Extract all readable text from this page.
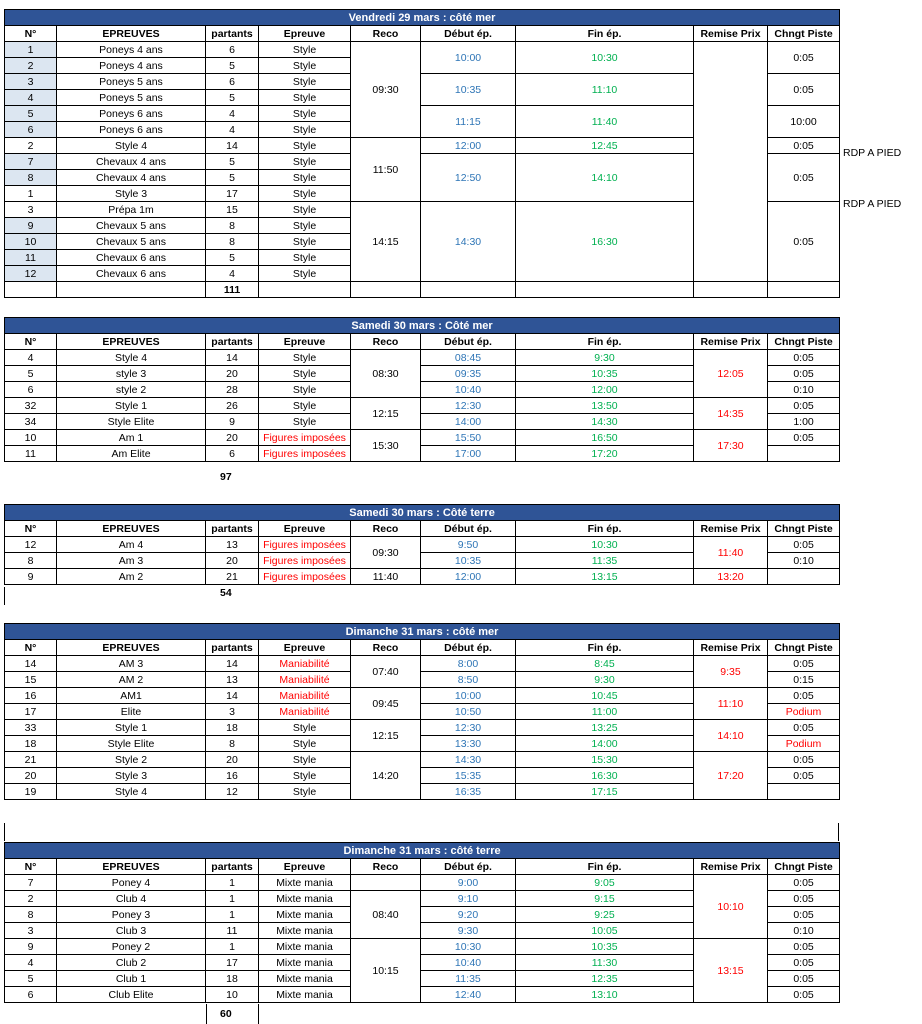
Vendredi 29 mars : côté mer								
N°	EPREUVES	partants	Epreuve	Reco	Début ép.	Fin ép.	Remise Prix	Chngt Piste
1	Poneys 4 ans	6	Style	09:30	10:00	10:30		0:05
2	Poneys 4 ans	5	Style					
3	Poneys 5 ans	6	Style		10:35	11:10		0:05
4	Poneys 5 ans	5	Style					
5	Poneys 6 ans	4	Style		11:15	11:40		10:00
6	Poneys 6 ans	4	Style					
2	Style 4	14	Style	11:50	12:00	12:45		0:05
7	Chevaux 4 ans	5	Style		12:50	14:10		0:05
8	Chevaux 4 ans	5	Style					
1	Style 3	17	Style					
3	Prépa 1m	15	Style	14:15	14:30	16:30		0:05
9	Chevaux 5 ans	8	Style					
10	Chevaux 5 ans	8	Style					
11	Chevaux 6 ans	5	Style					
12	Chevaux 6 ans	4	Style					
		111						
RDP A PIED
RDP A PIED
Samedi 30 mars : Côté mer								
N°	EPREUVES	partants	Epreuve	Reco	Début ép.	Fin ép.	Remise Prix	Chngt Piste
4	Style 4	14	Style	08:30	08:45	9:30	12:05	0:05
5	style 3	20	Style		09:35	10:35		0:05
6	style 2	28	Style		10:40	12:00		0:10
32	Style 1	26	Style	12:15	12:30	13:50	14:35	0:05
34	Style Elite	9	Style		14:00	14:30		1:00
10	Am 1	20	Figures imposées	15:30	15:50	16:50	17:30	0:05
11	Am Elite	6	Figures imposées		17:00	17:20		
97
Samedi 30 mars : Côté terre								
N°	EPREUVES	partants	Epreuve	Reco	Début ép.	Fin ép.	Remise Prix	Chngt Piste
12	Am 4	13	Figures imposées	09:30	9:50	10:30	11:40	0:05
8	Am 3	20	Figures imposées		10:35	11:35		0:10
9	Am 2	21	Figures imposées	11:40	12:00	13:15	13:20	
54
Dimanche 31 mars : côté mer								
N°	EPREUVES	partants	Epreuve	Reco	Début ép.	Fin ép.	Remise Prix	Chngt Piste
14	AM 3	14	Maniabilité	07:40	8:00	8:45	9:35	0:05
15	AM 2	13	Maniabilité		8:50	9:30		0:15
16	AM1	14	Maniabilité	09:45	10:00	10:45	11:10	0:05
17	Elite	3	Maniabilité		10:50	11:00		Podium
33	Style 1	18	Style	12:15	12:30	13:25	14:10	0:05
18	Style Elite	8	Style		13:30	14:00		Podium
21	Style 2	20	Style	14:20	14:30	15:30	17:20	0:05
20	Style 3	16	Style		15:35	16:30		0:05
19	Style 4	12	Style		16:35	17:15		
Dimanche 31 mars : côté terre								
N°	EPREUVES	partants	Epreuve	Reco	Début ép.	Fin ép.	Remise Prix	Chngt Piste
7	Poney 4	1	Mixte mania		9:00	9:05	10:10	0:05
2	Club 4	1	Mixte mania	08:40	9:10	9:15		0:05
8	Poney 3	1	Mixte mania		9:20	9:25		0:05
3	Club 3	11	Mixte mania		9:30	10:05		0:10
9	Poney 2	1	Mixte mania	10:15	10:30	10:35	13:15	0:05
4	Club 2	17	Mixte mania		10:40	11:30		0:05
5	Club 1	18	Mixte mania		11:35	12:35		0:05
6	Club Elite	10	Mixte mania		12:40	13:10		0:05
60
